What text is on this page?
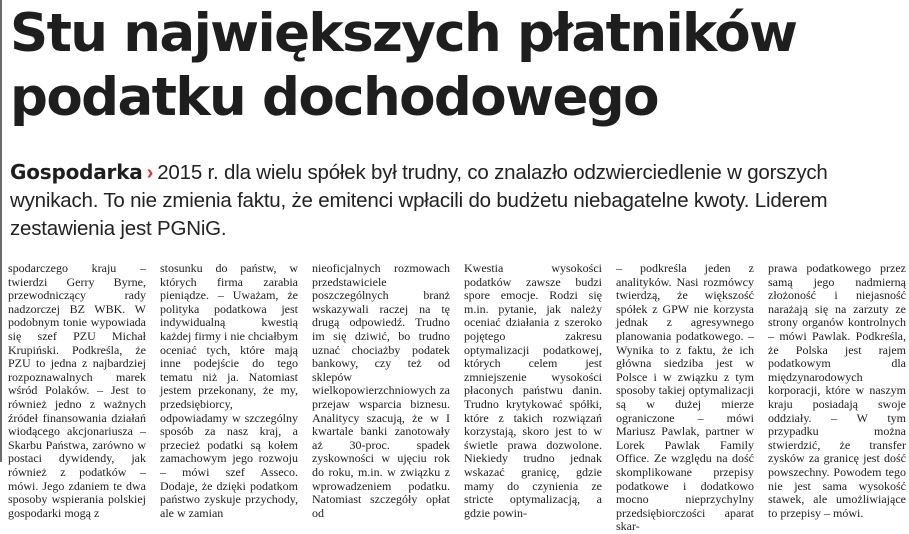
Stu największych płatników
podatku dochodowego
Gospodarka › 2015 r. dla wielu spółek był trudny, co znalazło odzwierciedlenie w gorszych wynikach. To nie zmienia faktu, że emitenci wpłacili do budżetu niebagatelne kwoty. Liderem zestawienia jest PGNiG.

spodarczego kraju – twierdzi Gerry Byrne, przewodniczący rady nadzorczej BZ WBK. W podobnym tonie wypowiada się szef PZU Michał Krupiński. Podkreśla, że PZU to jedna z najbardziej rozpoznawalnych marek wśród Polaków. – Jest to również jedno z ważnych źródeł finansowania działań wiodącego akcjonariusza – Skarbu Państwa, zarówno w postaci dywidendy, jak również z podatków – mówi. Jego zdaniem te dwa sposoby wspierania polskiej gospodarki mogą z

stosunku do państw, w których firma zarabia pieniądze. – Uważam, że polityka podatkowa jest indywidualną kwestią każdej firmy i nie chciałbym oceniać tych, które mają inne podejście do tego tematu niż ja. Natomiast jestem przekonany, że my, przedsiębiorcy, odpowiadamy w szczególny sposób za nasz kraj, a przecież podatki są kołem zamachowym jego rozwoju – mówi szef Asseco. Dodaje, że dzięki podatkom państwo zyskuje przychody, ale w zamian

nieoficjalnych rozmowach przedstawiciele poszczególnych branż wskazywali raczej na tę drugą odpowiedź. Trudno im się dziwić, bo trudno uznać chociażby podatek bankowy, czy też od sklepów wielkopowierzchniowych za przejaw wsparcia biznesu. Analitycy szacują, że w I kwartale banki zanotowały aż 30-proc. spadek zyskowności w ujęciu rok do roku, m.in. w związku z wprowadzeniem podatku. Natomiast szczegóły opłat od

Kwestia wysokości podatków zawsze budzi spore emocje. Rodzi się m.in. pytanie, jak należy oceniać działania z szeroko pojętego zakresu optymalizacji podatkowej, których celem jest zmniejszenie wysokości płaconych państwu danin. Trudno krytykować spółki, które z takich rozwiązań korzystają, skoro jest to w świetle prawa dozwolone. Niekiedy trudno jednak wskazać granicę, gdzie mamy do czynienia ze stricte optymalizacją, a gdzie powin-

– podkreśla jeden z analityków. Nasi rozmówcy twierdzą, że większość spółek z GPW nie korzysta jednak z agresywnego planowania podatkowego. – Wynika to z faktu, że ich główna siedziba jest w Polsce i w związku z tym sposoby takiej optymalizacji są w dużej mierze ograniczone – mówi Mariusz Pawlak, partner w Lorek Pawlak Family Office. Ze względu na dość skomplikowane przepisy podatkowe i dodatkowo mocno nieprzychylny przedsiębiorczości aparat skar-

prawa podatkowego przez samą jego nadmierną złożoność i niejasność narażają się na zarzuty ze strony organów kontrolnych – mówi Pawlak. Podkreśla, że Polska jest rajem podatkowym dla międzynarodowych korporacji, które w naszym kraju posiadają swoje oddziały. – W tym przypadku można stwierdzić, że transfer zysków za granicę jest dość powszechny. Powodem tego nie jest sama wysokość stawek, ale umożliwiające to przepisy – mówi.
